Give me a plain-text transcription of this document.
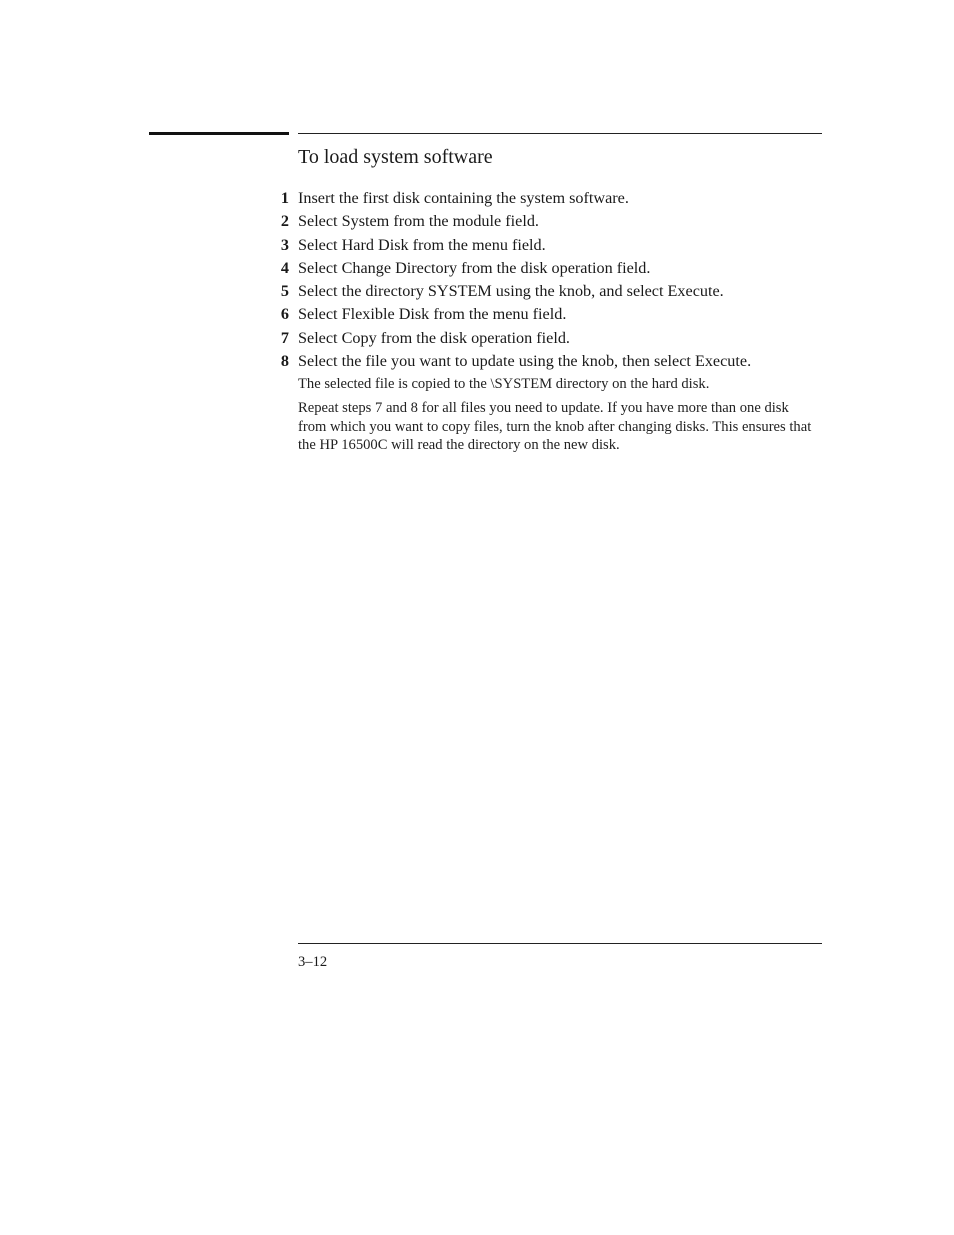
To load system software
1 Insert the first disk containing the system software.
2 Select System from the module field.
3 Select Hard Disk from the menu field.
4 Select Change Directory from the disk operation field.
5 Select the directory SYSTEM using the knob, and select Execute.
6 Select Flexible Disk from the menu field.
7 Select Copy from the disk operation field.
8 Select the file you want to update using the knob, then select Execute.

The selected file is copied to the \SYSTEM directory on the hard disk.

Repeat steps 7 and 8 for all files you need to update. If you have more than one disk from which you want to copy files, turn the knob after changing disks. This ensures that the HP 16500C will read the directory on the new disk.

3–12
